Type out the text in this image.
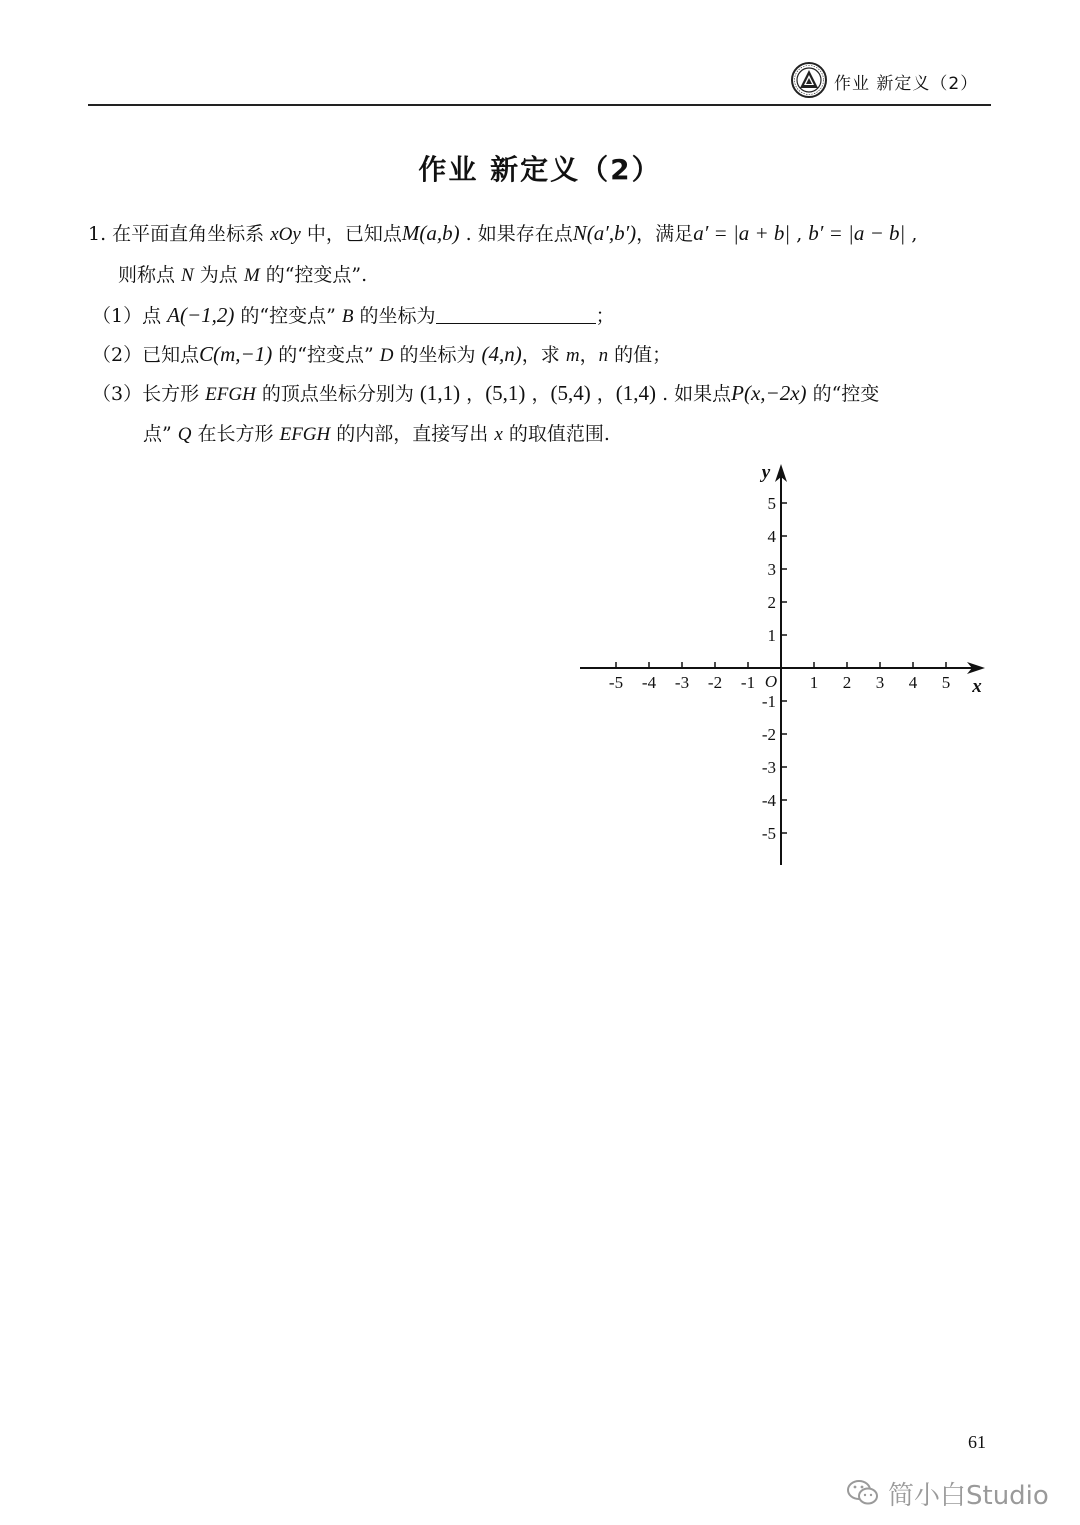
作业 新定义（2）
作业 新定义（2）
1. 在平面直角坐标系 xOy 中，已知点M(a,b) . 如果存在点N(a′,b′)，满足a′ = |a + b| , b′ = |a − b| ,
则称点 N 为点 M 的“控变点”.
（1）点 A(−1,2) 的“控变点” B 的坐标为	；
（2）已知点C(m,−1) 的“控变点” D 的坐标为 (4,n)，求 m，n 的值；
（3）长方形 EFGH 的顶点坐标分别为 (1,1) ，(5,1) ，(5,4) ，(1,4) . 如果点P(x,−2x) 的“控变
点” Q 在长方形 EFGH 的内部，直接写出 x 的取值范围.
-5 -4 -3 -2 -1	1 2 3 4 5
5
4
3
2
1
-1
-2
-3
-4
-5
O	x
y
61
简小白Studio
